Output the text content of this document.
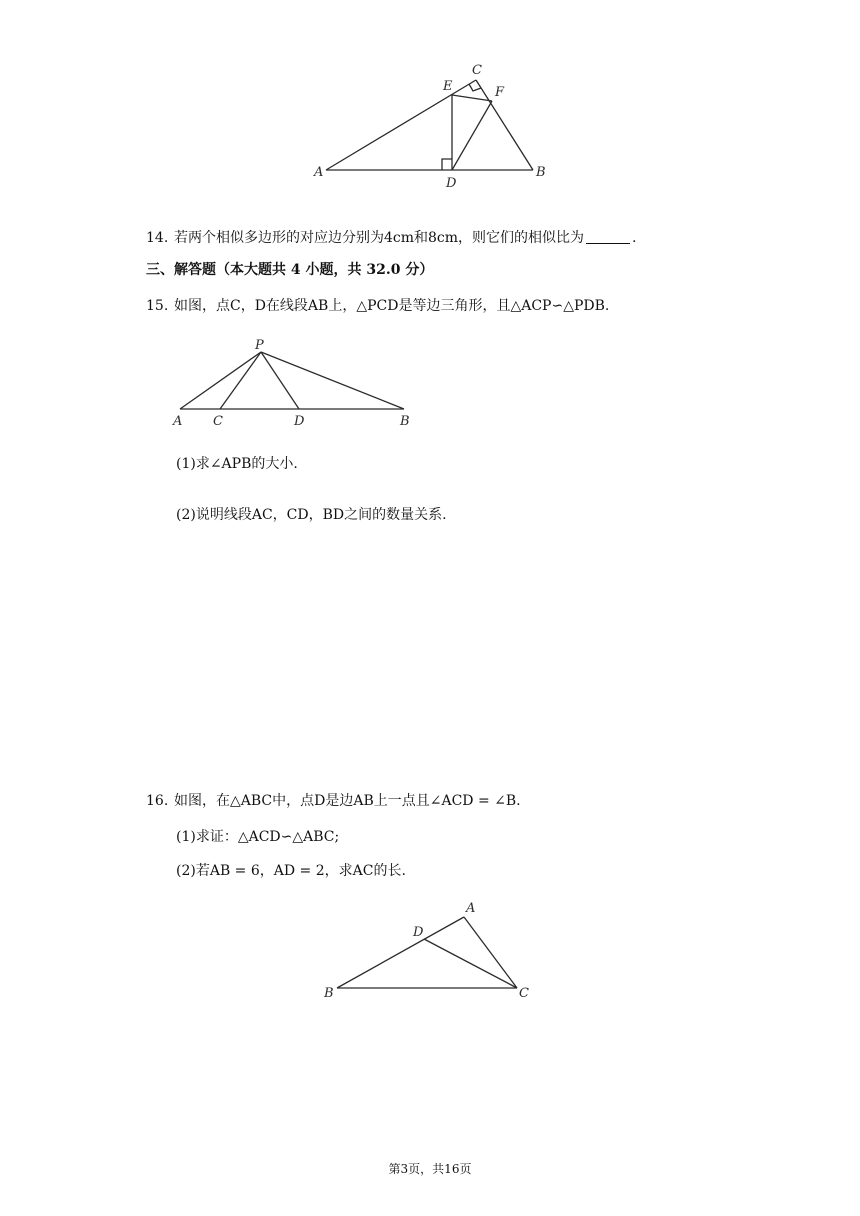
A	B
C
D
E	F
14. 若两个相似多边形的对应边分别为4cm和8cm，则它们的相似比为	.
三、解答题（本大题共 4 小题，共 32.0 分）
15. 如图，点C，D在线段AB上，△PCD是等边三角形，且△ACP∽△PDB.
P
A C	D	B
(1)求∠APB的大小.
(2)说明线段AC，CD，BD之间的数量关系.
16. 如图，在△ABC中，点D是边AB上一点且∠ACD = ∠B.
(1)求证：△ACD∽△ABC;
(2)若AB = 6，AD = 2，求AC的长.
A
B	C
D
第3页，共16页
